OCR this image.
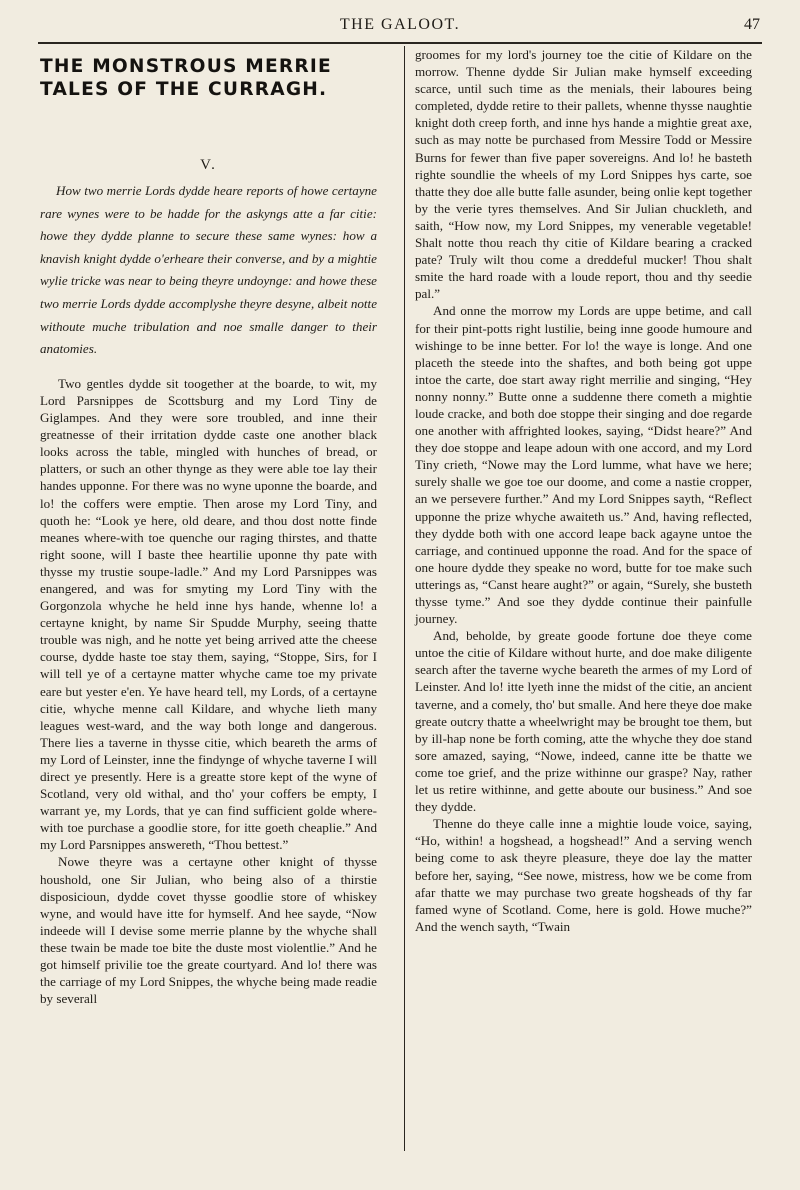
THE GALOOT.	47
THE MONSTROUS MERRIE TALES OF THE CURRAGH.
V.

How two merrie Lords dydde heare reports of howe certayne rare wynes were to be hadde for the askyngs atte a far citie: howe they dydde planne to secure these same wynes: how a knavish knight dydde o'erheare their converse, and by a mightie wylie tricke was near to being theyre undoynge: and howe these two merrie Lords dydde accomplyshe theyre desyne, albeit notte withoute muche tribulation and noe smalle danger to their anatomies.

Two gentles dydde sit toogether at the boarde, to wit, my Lord Parsnippes de Scottsburg and my Lord Tiny de Giglampes. And they were sore troubled, and inne their greatnesse of their irritation dydde caste one another black looks across the table, mingled with hunches of bread, or platters, or such an other thynge as they were able toe lay their handes upponne. For there was no wyne uponne the boarde, and lo! the coffers were emptie. Then arose my Lord Tiny, and quoth he: “Look ye here, old deare, and thou dost notte finde meanes where-with toe quenche our raging thirstes, and thatte right soone, will I baste thee heartilie uponne thy pate with thysse my trustie soupe-ladle.” And my Lord Parsnippes was enangered, and was for smyting my Lord Tiny with the Gorgonzola whyche he held inne hys hande, whenne lo! a certayne knight, by name Sir Spudde Murphy, seeing thatte trouble was nigh, and he notte yet being arrived atte the cheese course, dydde haste toe stay them, saying, “Stoppe, Sirs, for I will tell ye of a certayne matter whyche came toe my private eare but yester e'en. Ye have heard tell, my Lords, of a certayne citie, whyche menne call Kildare, and whyche lieth many leagues west-ward, and the way both longe and dangerous. There lies a taverne in thysse citie, which beareth the arms of my Lord of Leinster, inne the findynge of whyche taverne I will direct ye presently. Here is a greatte store kept of the wyne of Scotland, very old withal, and tho' your coffers be empty, I warrant ye, my Lords, that ye can find sufficient golde where-with toe purchase a goodlie store, for itte goeth cheaplie.” And my Lord Parsnippes answereth, “Thou bettest.”

Nowe theyre was a certayne other knight of thysse houshold, one Sir Julian, who being also of a thirstie disposicioun, dydde covet thysse goodlie store of whiskey wyne, and would have itte for hymself. And hee sayde, “Now indeede will I devise some merrie planne by the whyche shall these twain be made toe bite the duste most violentlie.” And he got himself privilie toe the greate courtyard. And lo! there was the carriage of my Lord Snippes, the whyche being made readie by severall

groomes for my lord's journey toe the citie of Kildare on the morrow. Thenne dydde Sir Julian make hymself exceeding scarce, until such time as the menials, their laboures being completed, dydde retire to their pallets, whenne thysse naughtie knight doth creep forth, and inne hys hande a mightie great axe, such as may notte be purchased from Messire Todd or Messire Burns for fewer than five paper sovereigns. And lo! he basteth righte soundlie the wheels of my Lord Snippes hys carte, soe thatte they doe alle butte falle asunder, being onlie kept together by the verie tyres themselves. And Sir Julian chuckleth, and saith, “How now, my Lord Snippes, my venerable vegetable! Shalt notte thou reach thy citie of Kildare bearing a cracked pate? Truly wilt thou come a dreddeful mucker! Thou shalt smite the hard roade with a loude report, thou and thy seedie pal.”

And onne the morrow my Lords are uppe betime, and call for their pint-potts right lustilie, being inne goode humoure and wishinge to be inne better. For lo! the waye is longe. And one placeth the steede into the shaftes, and both being got uppe intoe the carte, doe start away right merrilie and singing, “Hey nonny nonny.” Butte onne a suddenne there cometh a mightie loude cracke, and both doe stoppe their singing and doe regarde one another with affrighted lookes, saying, “Didst heare?” And they doe stoppe and leape adoun with one accord, and my Lord Tiny crieth, “Nowe may the Lord lumme, what have we here; surely shalle we goe toe our doome, and come a nastie cropper, an we persevere further.” And my Lord Snippes sayth, “Reflect upponne the prize whyche awaiteth us.” And, having reflected, they dydde both with one accord leape back agayne untoe the carriage, and continued upponne the road. And for the space of one houre dydde they speake no word, butte for toe make such utterings as, “Canst heare aught?” or again, “Surely, she busteth thysse tyme.” And soe they dydde continue their painfulle journey.

And, beholde, by greate goode fortune doe theye come untoe the citie of Kildare without hurte, and doe make diligente search after the taverne wyche beareth the armes of my Lord of Leinster. And lo! itte lyeth inne the midst of the citie, an ancient taverne, and a comely, tho' but smalle. And here theye doe make greate outcry thatte a wheelwright may be brought toe them, but by ill-hap none be forth coming, atte the whyche they doe stand sore amazed, saying, “Nowe, indeed, canne itte be thatte we come toe grief, and the prize withinne our graspe? Nay, rather let us retire withinne, and gette aboute our business.” And soe they dydde.

Thenne do theye calle inne a mightie loude voice, saying, “Ho, within! a hogshead, a hogshead!” And a serving wench being come to ask theyre pleasure, theye doe lay the matter before her, saying, “See nowe, mistress, how we be come from afar thatte we may purchase two greate hogsheads of thy far famed wyne of Scotland. Come, here is gold. Howe muche?” And the wench sayth, “Twain
